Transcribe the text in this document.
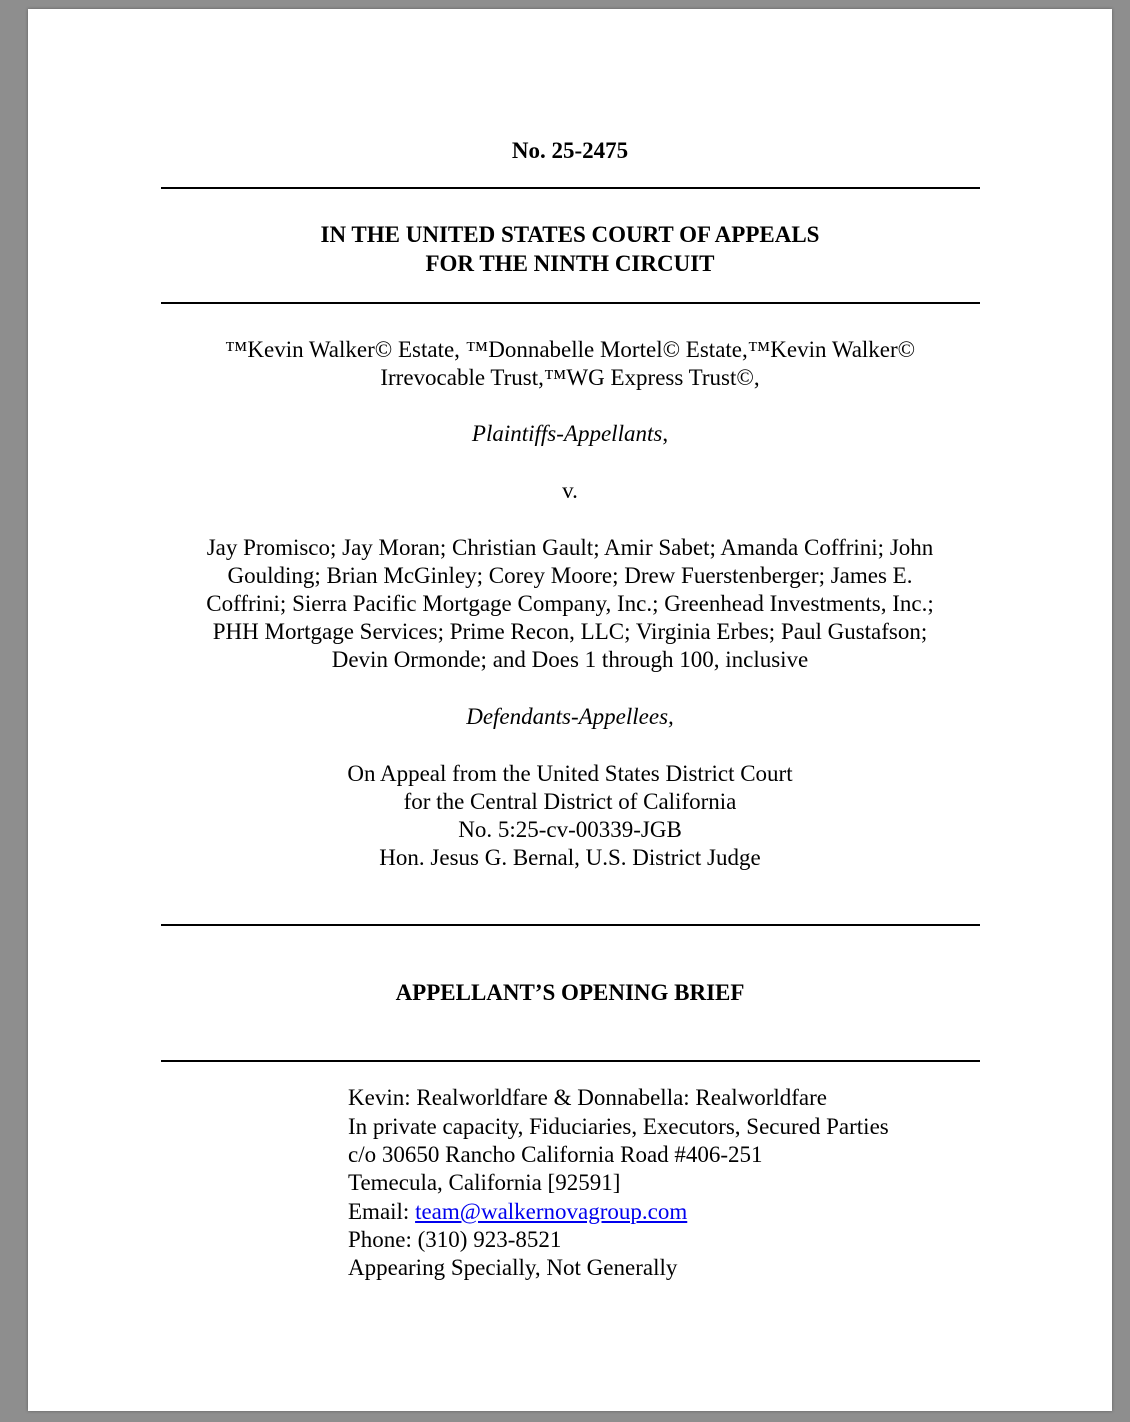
No. 25-2475
IN THE UNITED STATES COURT OF APPEALS
FOR THE NINTH CIRCUIT
™Kevin Walker© Estate, ™Donnabelle Mortel© Estate,™Kevin Walker©
Irrevocable Trust,™WG Express Trust©,
Plaintiffs-Appellants,
v.
Jay Promisco; Jay Moran; Christian Gault; Amir Sabet; Amanda Coffrini; John
Goulding; Brian McGinley; Corey Moore; Drew Fuerstenberger; James E.
Coffrini; Sierra Pacific Mortgage Company, Inc.; Greenhead Investments, Inc.;
PHH Mortgage Services; Prime Recon, LLC; Virginia Erbes; Paul Gustafson;
Devin Ormonde; and Does 1 through 100, inclusive
Defendants-Appellees,
On Appeal from the United States District Court
for the Central District of California
No. 5:25-cv-00339-JGB
Hon. Jesus G. Bernal, U.S. District Judge
APPELLANT’S OPENING BRIEF
Kevin: Realworldfare & Donnabella: Realworldfare
In private capacity, Fiduciaries, Executors, Secured Parties
c/o 30650 Rancho California Road #406-251
Temecula, California [92591]
Email: team@walkernovagroup.com
Phone: (310) 923-8521
Appearing Specially, Not Generally
